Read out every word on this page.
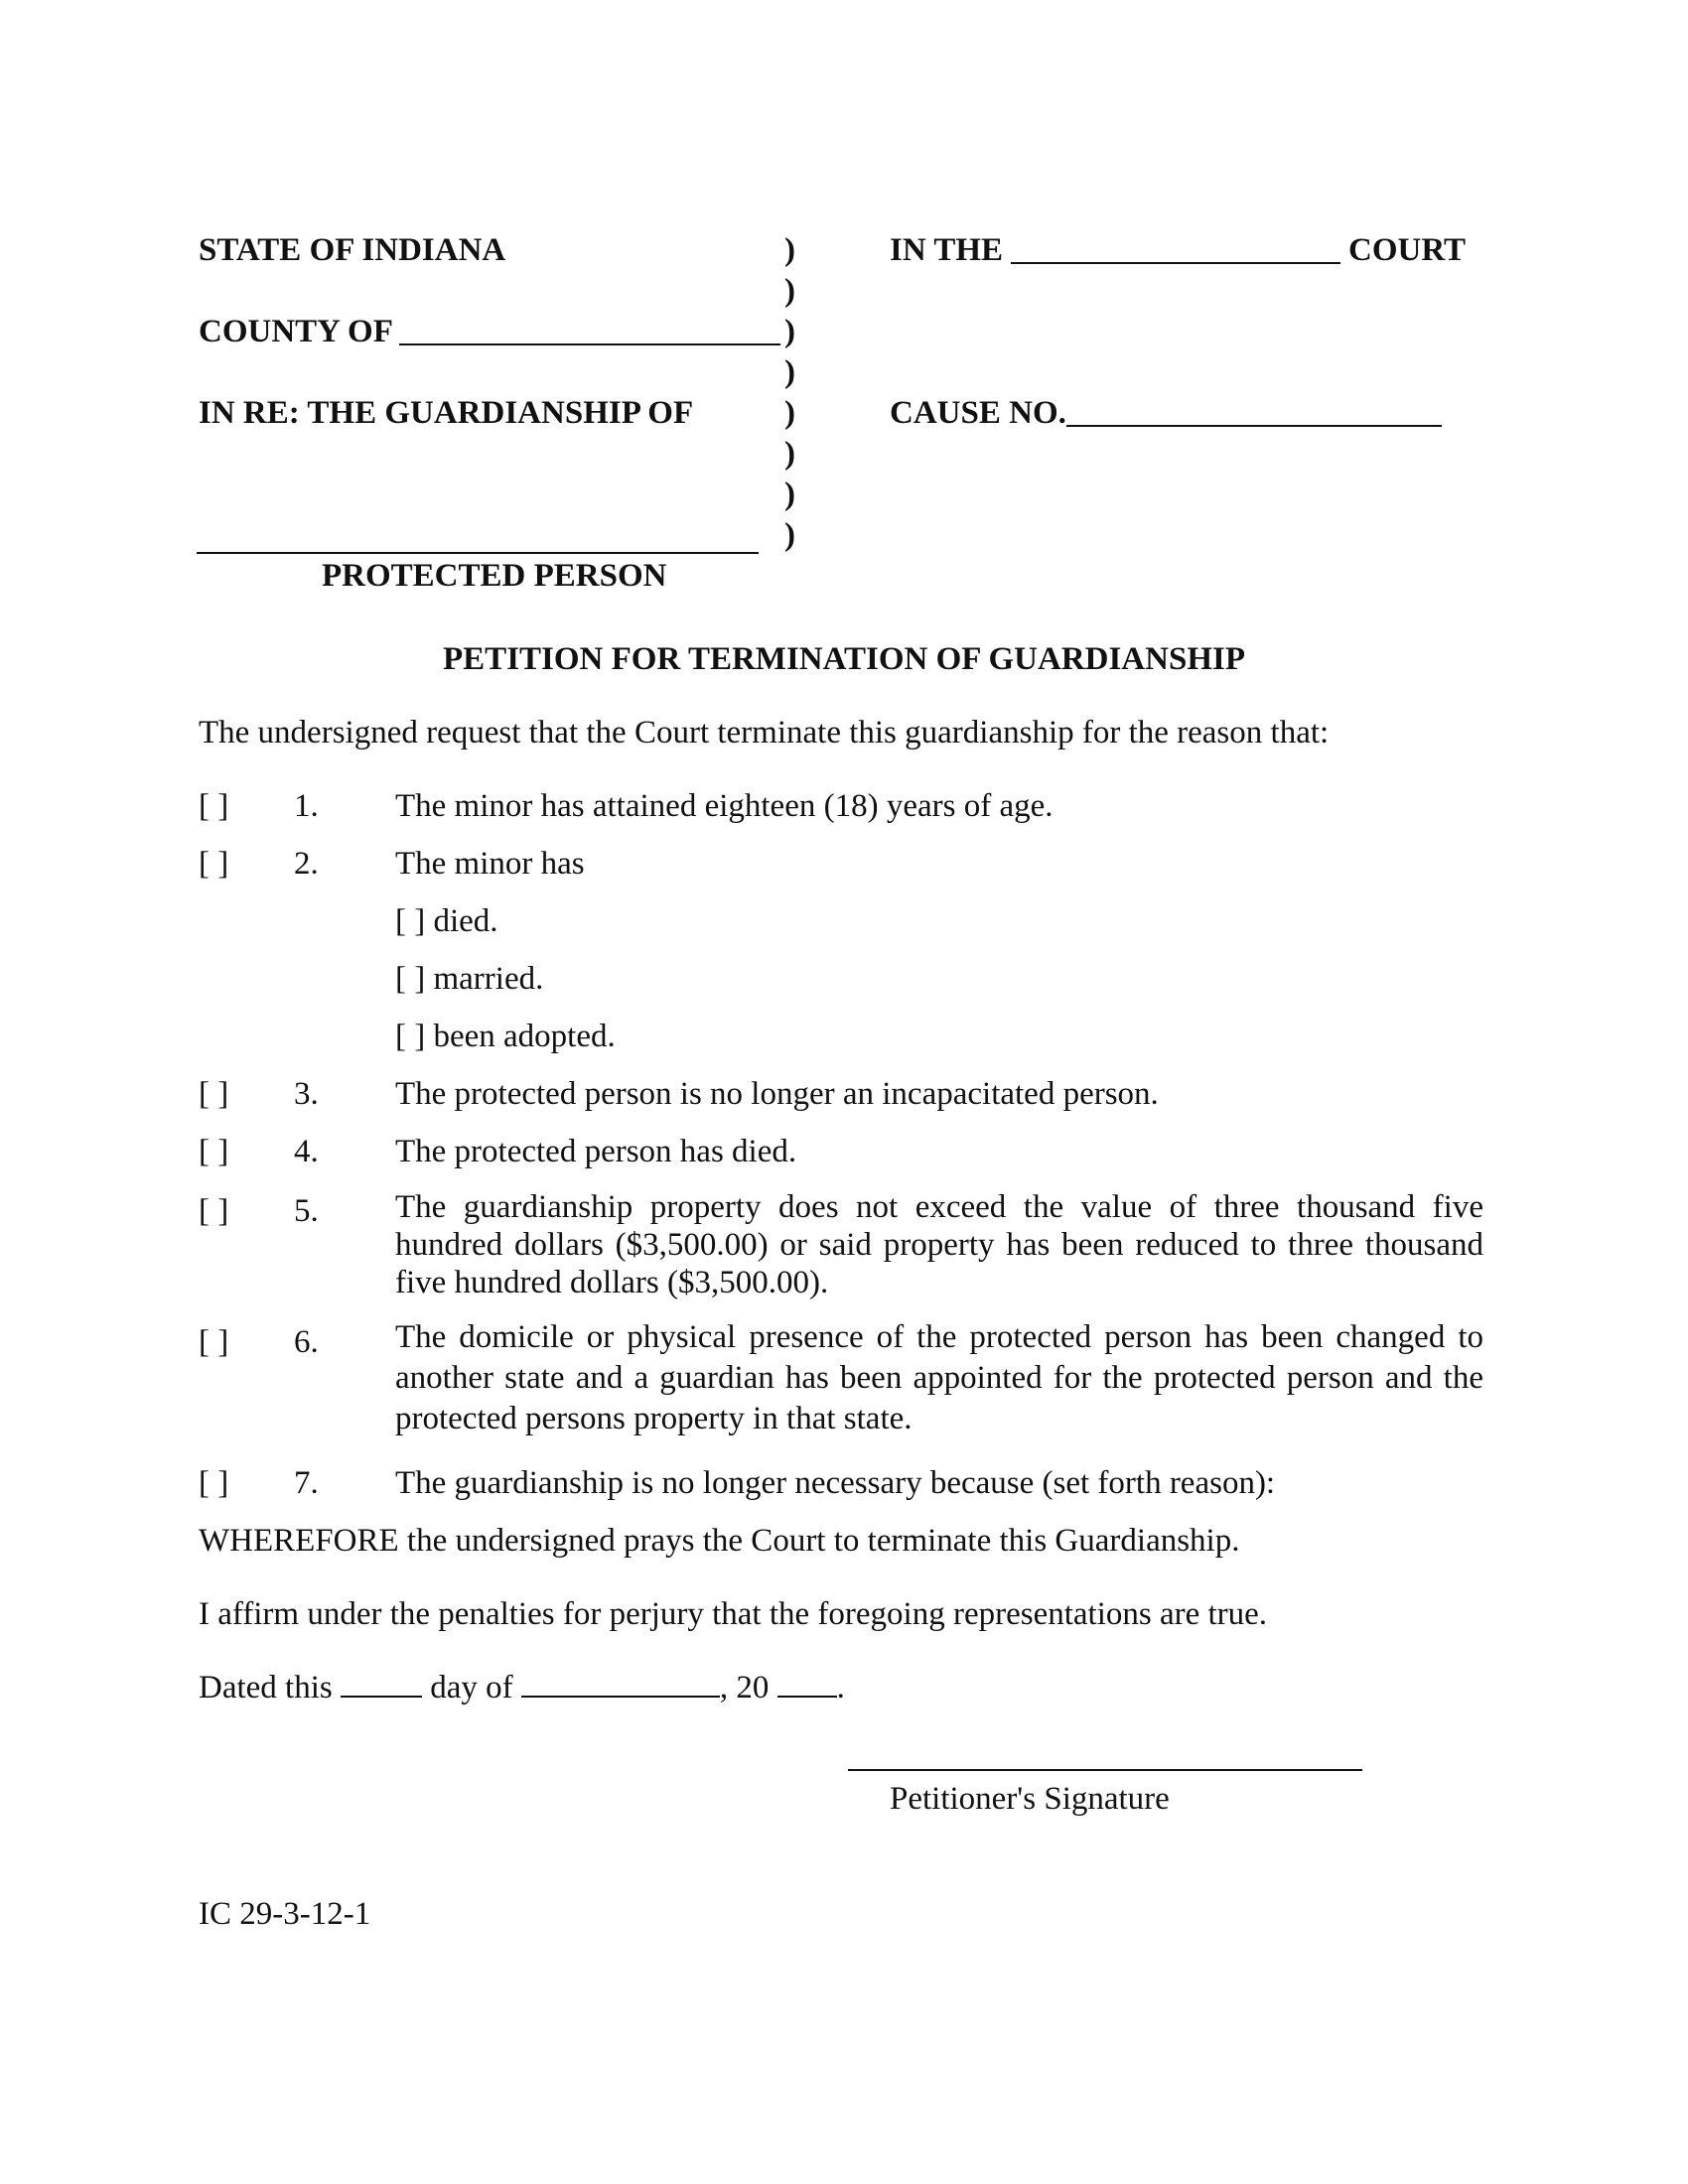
STATE OF INDIANA
COUNTY OF
IN RE: THE GUARDIANSHIP OF
PROTECTED PERSON
)
)
)
)
)
)
)
)
IN THE	COURT
CAUSE NO.
PETITION FOR TERMINATION OF GUARDIANSHIP
The undersigned request that the Court terminate this guardianship for the reason that:
[ ] 1. The minor has attained eighteen (18) years of age.
[ ] 2. The minor has
[ ] died.
[ ] married.
[ ] been adopted.
[ ] 3. The protected person is no longer an incapacitated person.
[ ] 4. The protected person has died.
[ ] 5. The guardianship property does not exceed the value of three thousand five hundred dollars ($3,500.00) or said property has been reduced to three thousand five hundred dollars ($3,500.00).
[ ] 6. The domicile or physical presence of the protected person has been changed to another state and a guardian has been appointed for the protected person and the protected persons property in that state.
[ ] 7. The guardianship is no longer necessary because (set forth reason):
WHEREFORE the undersigned prays the Court to terminate this Guardianship.
I affirm under the penalties for perjury that the foregoing representations are true.
Dated this	day of	, 20 .
Petitioner's Signature
IC 29-3-12-1
